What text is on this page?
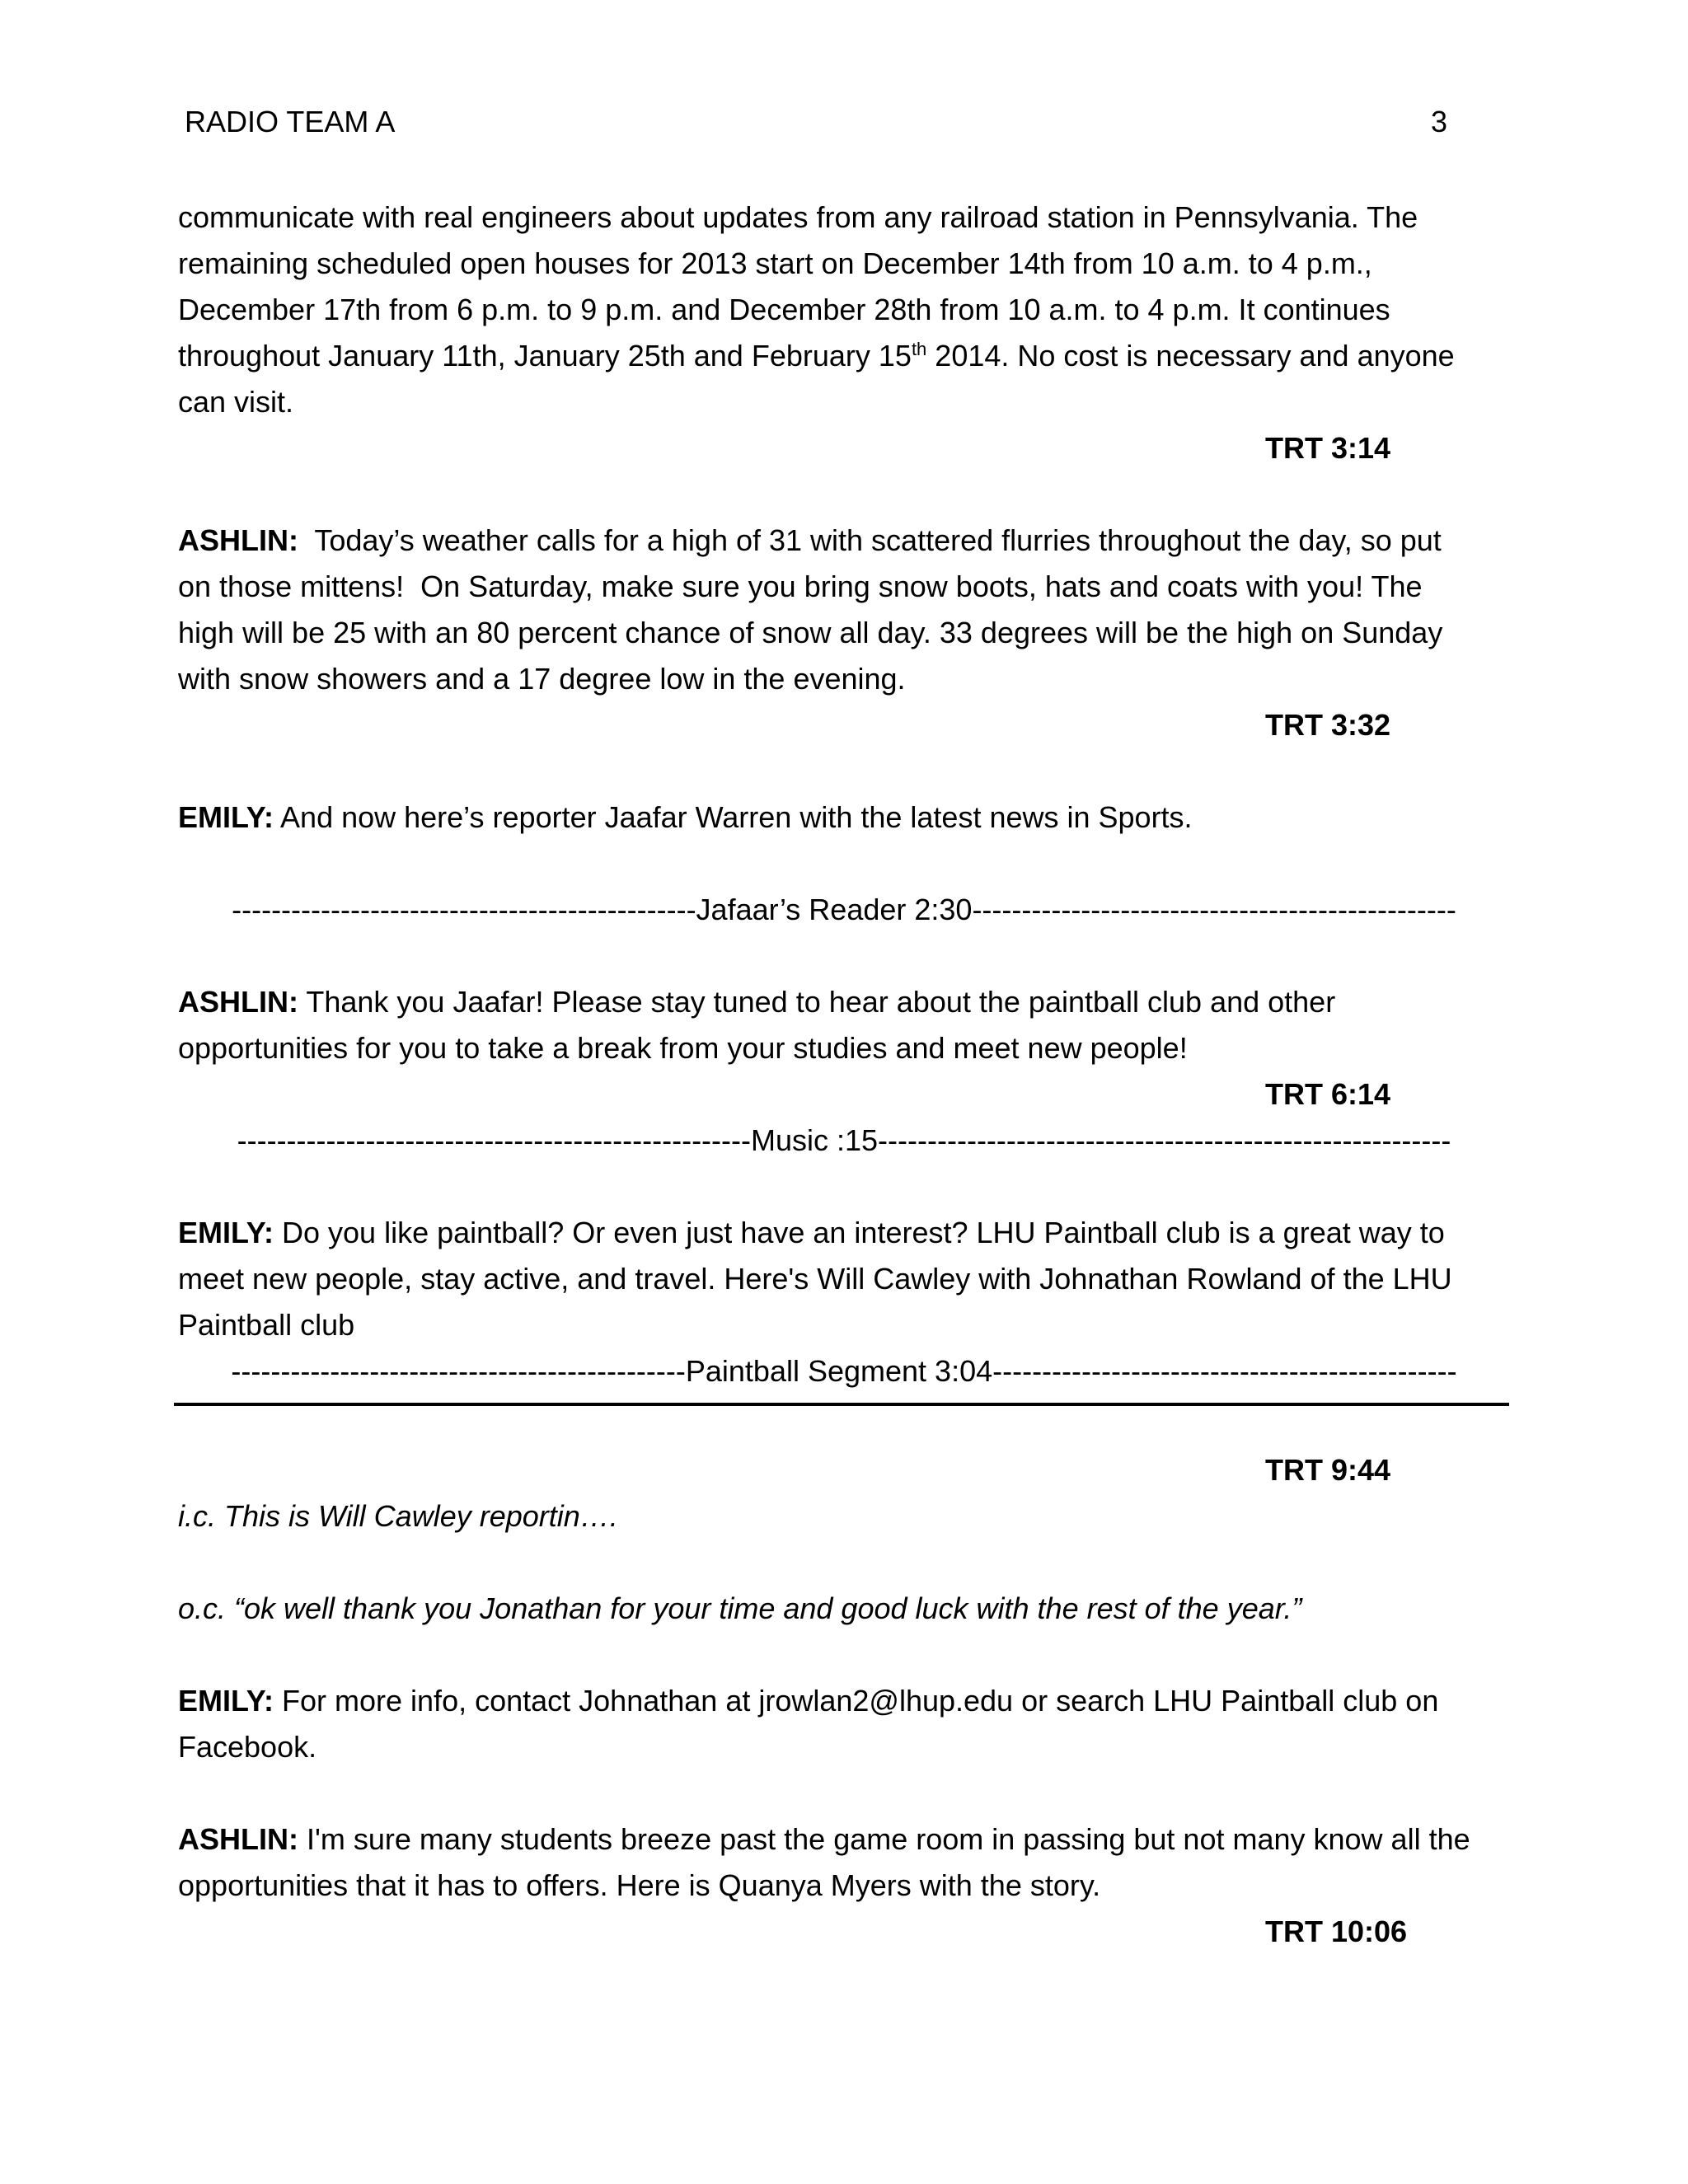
RADIO TEAM A	3
communicate with real engineers about updates from any railroad station in Pennsylvania. The
remaining scheduled open houses for 2013 start on December 14th from 10 a.m. to 4 p.m.,
December 17th from 6 p.m. to 9 p.m. and December 28th from 10 a.m. to 4 p.m. It continues
throughout January 11th, January 25th and February 15th 2014. No cost is necessary and anyone
can visit.
TRT 3:14
ASHLIN:  Today’s weather calls for a high of 31 with scattered flurries throughout the day, so put
on those mittens!  On Saturday, make sure you bring snow boots, hats and coats with you! The
high will be 25 with an 80 percent chance of snow all day. 33 degrees will be the high on Sunday
with snow showers and a 17 degree low in the evening.
TRT 3:32
EMILY: And now here’s reporter Jaafar Warren with the latest news in Sports.
-----------------------------------------------Jafaar’s Reader 2:30-------------------------------------------------
ASHLIN: Thank you Jaafar! Please stay tuned to hear about the paintball club and other
opportunities for you to take a break from your studies and meet new people!
TRT 6:14
----------------------------------------------------Music :15----------------------------------------------------------
EMILY: Do you like paintball? Or even just have an interest? LHU Paintball club is a great way to
meet new people, stay active, and travel. Here's Will Cawley with Johnathan Rowland of the LHU
Paintball club
----------------------------------------------Paintball Segment 3:04-----------------------------------------------
TRT 9:44
i.c. This is Will Cawley reportin….
o.c. “ok well thank you Jonathan for your time and good luck with the rest of the year.”
EMILY: For more info, contact Johnathan at jrowlan2@lhup.edu or search LHU Paintball club on
Facebook.
ASHLIN: I'm sure many students breeze past the game room in passing but not many know all the
opportunities that it has to offers. Here is Quanya Myers with the story.
TRT 10:06
